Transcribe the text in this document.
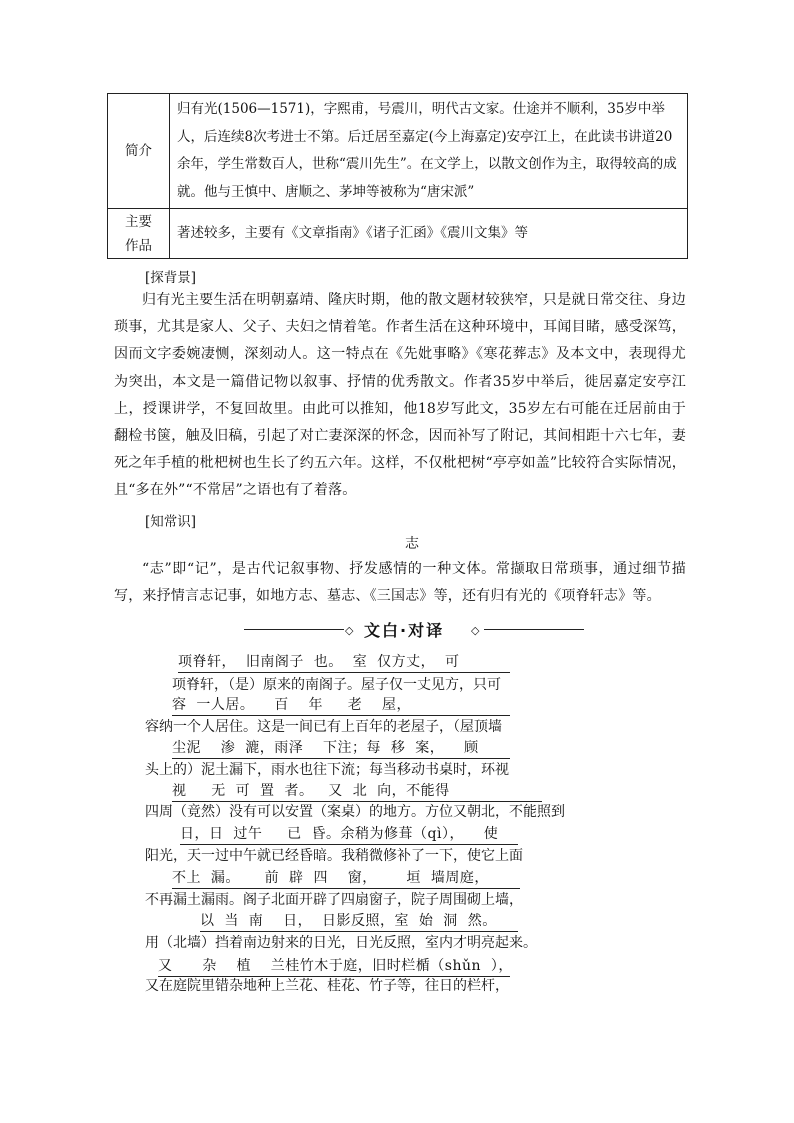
简介	归有光(1506—1571)，字熙甫，号震川，明代古文家。仕途并不顺利，35岁中举人，后连续8次考进士不第。后迁居至嘉定(今上海嘉定)安亭江上，在此读书讲道20余年，学生常数百人，世称“震川先生”。在文学上，以散文创作为主，取得较高的成就。他与王慎中、唐顺之、茅坤等被称为“唐宋派”

主要作品	著述较多，主要有《文章指南》《诸子汇函》《震川文集》等
[探背景]
归有光主要生活在明朝嘉靖、隆庆时期，他的散文题材较狭窄，只是就日常交往、身边琐事，尤其是家人、父子、夫妇之情着笔。作者生活在这种环境中，耳闻目睹，感受深笃，因而文字委婉凄恻，深刻动人。这一特点在《先妣事略》《寒花葬志》及本文中，表现得尤为突出，本文是一篇借记物以叙事、抒情的优秀散文。作者35岁中举后，徙居嘉定安亭江上，授课讲学，不复回故里。由此可以推知，他18岁写此文，35岁左右可能在迁居前由于翻检书箧，触及旧稿，引起了对亡妻深深的怀念，因而补写了附记，其间相距十六七年，妻死之年手植的枇杷树也生长了约五六年。这样，不仅枇杷树“亭亭如盖”比较符合实际情况，且“多在外”“不常居”之语也有了着落。
[知常识]
志
“志”即“记”，是古代记叙事物、抒发感情的一种文体。常撷取日常琐事，通过细节描写，来抒情言志记事，如地方志、墓志、《三国志》等，还有归有光的《项脊轩志》等。
◇ 文白·对译 ◇
项脊轩，  旧南阁子  也。  室  仅方丈，  可
项脊轩，（是）原来的南阁子。屋子仅一丈见方，只可
容  一人居。    百    年     老    屋，
容纳一个人居住。这是一间已有上百年的老屋子，（屋顶墙
尘泥    渗  漉，雨泽    下注；每  移  案，    顾
头上的）泥土漏下，雨水也往下流；每当移动书桌时，环视
视     无  可  置  者。   又  北  向，不能得
四周（竟然）没有可以安置（案桌）的地方。方位又朝北，不能照到
日，日  过午     已  昏。余稍为修葺（qì），    使
阳光，天一过中午就已经昏暗。我稍微修补了一下，使它上面
不上  漏。     前  辟  四    窗，      垣  墙周庭，
不再漏土漏雨。阁子北面开辟了四扇窗子，院子周围砌上墙，
以  当  南    日，  日影反照，室  始  洞  然。
用（北墙）挡着南边射来的日光，日光反照，室内才明亮起来。
又      杂    植    兰桂竹木于庭，旧时栏楯（shǔn  ），
又在庭院里错杂地种上兰花、桂花、竹子等，往日的栏杆，
